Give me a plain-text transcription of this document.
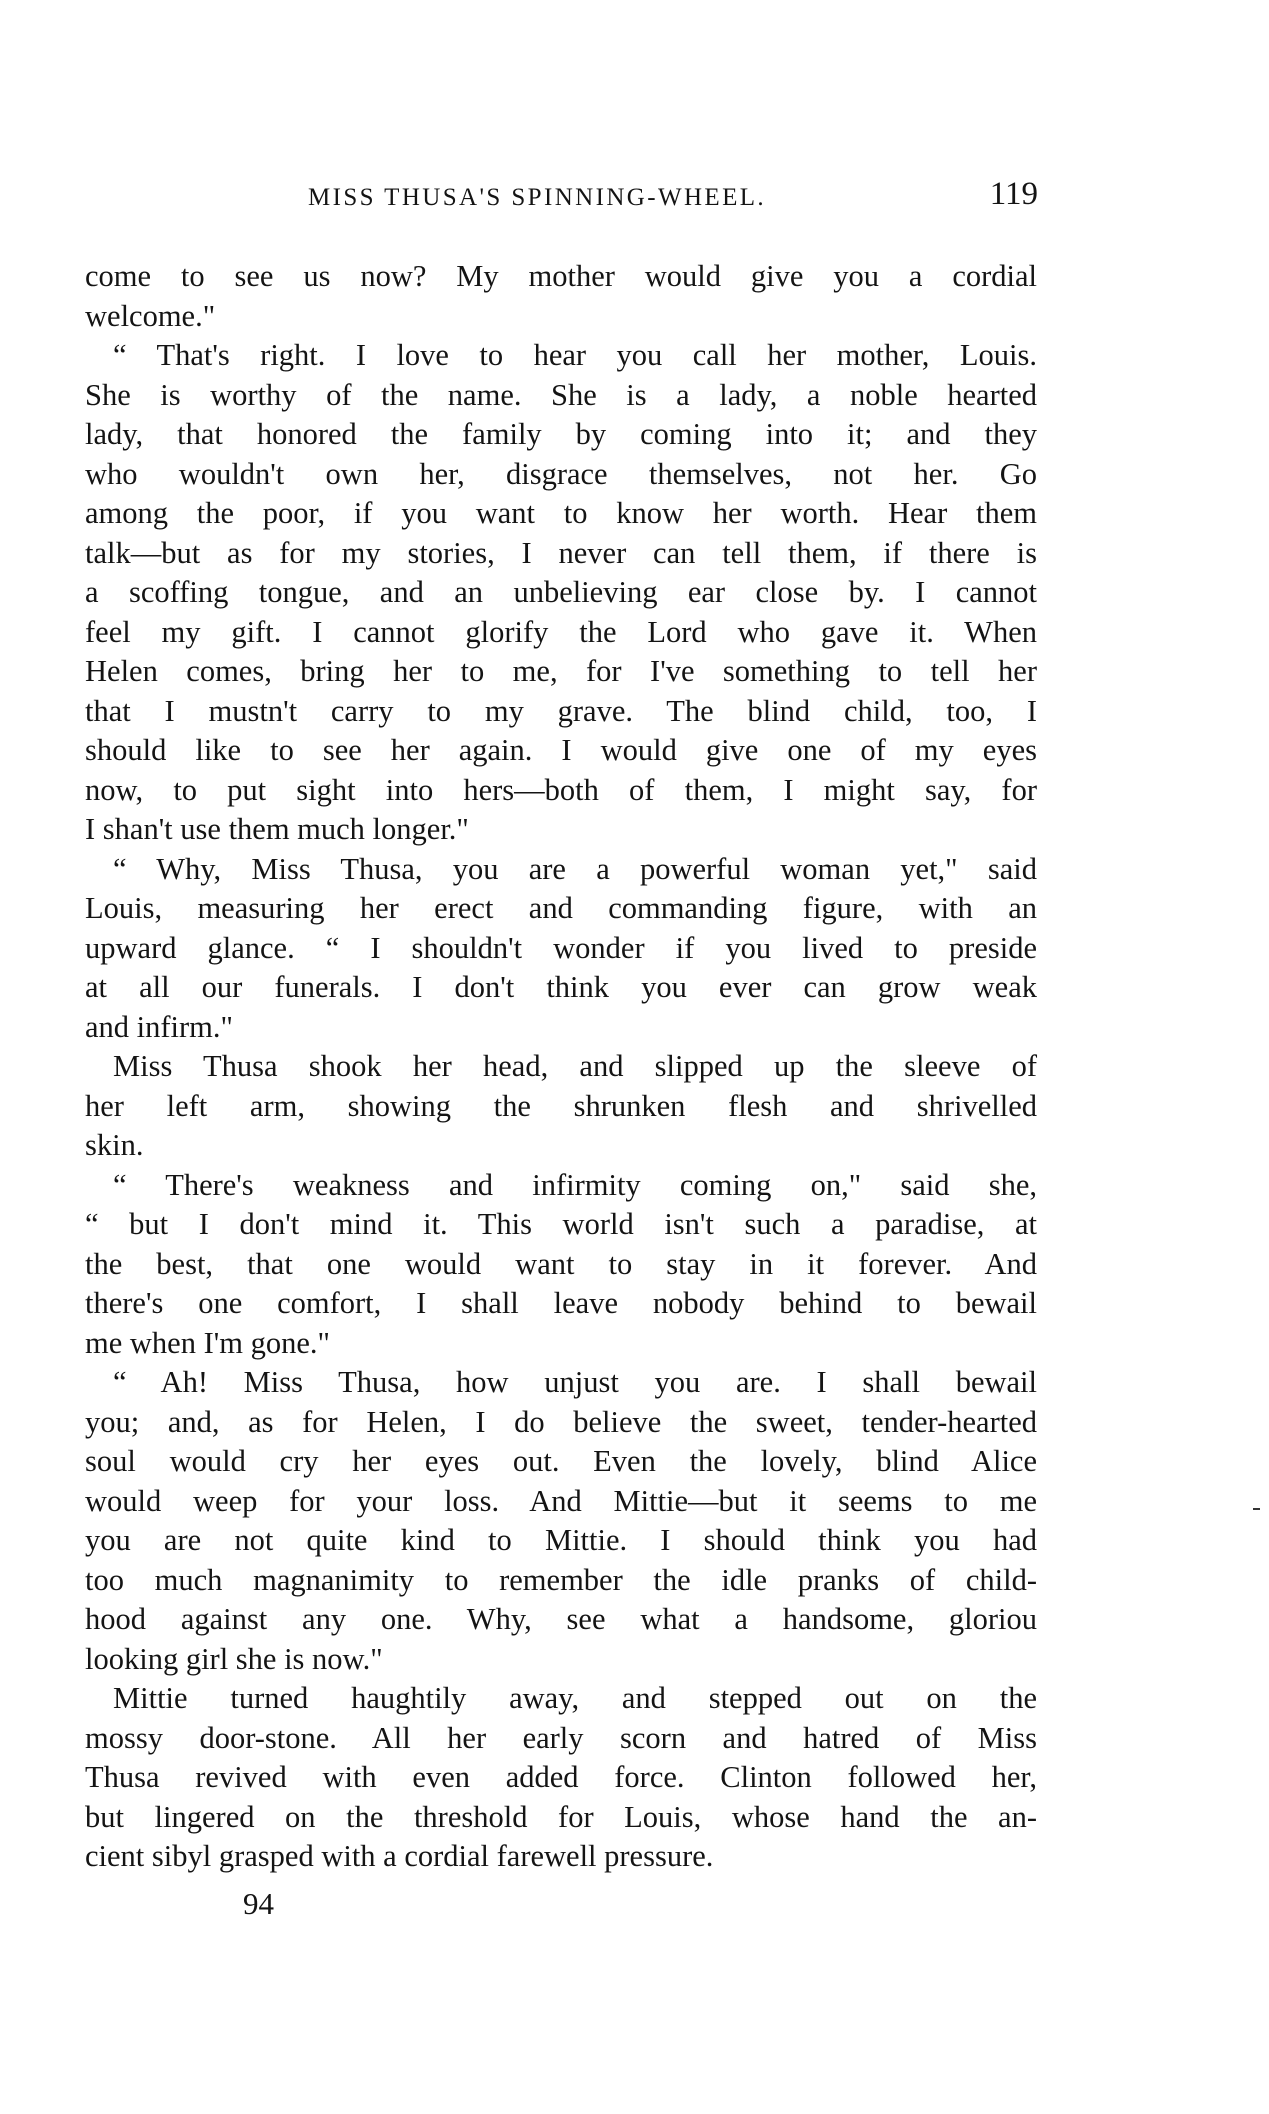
MISS THUSA'S SPINNING-WHEEL.	119
come to see us now? My mother would give you a cordial
welcome."
“ That's right. I love to hear you call her mother, Louis.
She is worthy of the name. She is a lady, a noble hearted
lady, that honored the family by coming into it; and they
who wouldn't own her, disgrace themselves, not her. Go
among the poor, if you want to know her worth. Hear them
talk—but as for my stories, I never can tell them, if there is
a scoffing tongue, and an unbelieving ear close by. I cannot
feel my gift. I cannot glorify the Lord who gave it. When
Helen comes, bring her to me, for I've something to tell her
that I mustn't carry to my grave. The blind child, too, I
should like to see her again. I would give one of my eyes
now, to put sight into hers—both of them, I might say, for
I shan't use them much longer."
“ Why, Miss Thusa, you are a powerful woman yet," said
Louis, measuring her erect and commanding figure, with an
upward glance. “ I shouldn't wonder if you lived to preside
at all our funerals. I don't think you ever can grow weak
and infirm."
Miss Thusa shook her head, and slipped up the sleeve of
her left arm, showing the shrunken flesh and shrivelled
skin.
“ There's weakness and infirmity coming on," said she,
“ but I don't mind it. This world isn't such a paradise, at
the best, that one would want to stay in it forever. And
there's one comfort, I shall leave nobody behind to bewail
me when I'm gone."
“ Ah! Miss Thusa, how unjust you are. I shall bewail
you; and, as for Helen, I do believe the sweet, tender-hearted
soul would cry her eyes out. Even the lovely, blind Alice
would weep for your loss. And Mittie—but it seems to me
you are not quite kind to Mittie. I should think you had
too much magnanimity to remember the idle pranks of child-
hood against any one. Why, see what a handsome, gloriou
looking girl she is now."
Mittie turned haughtily away, and stepped out on the
mossy door-stone. All her early scorn and hatred of Miss
Thusa revived with even added force. Clinton followed her,
but lingered on the threshold for Louis, whose hand the an-
cient sibyl grasped with a cordial farewell pressure.
94
